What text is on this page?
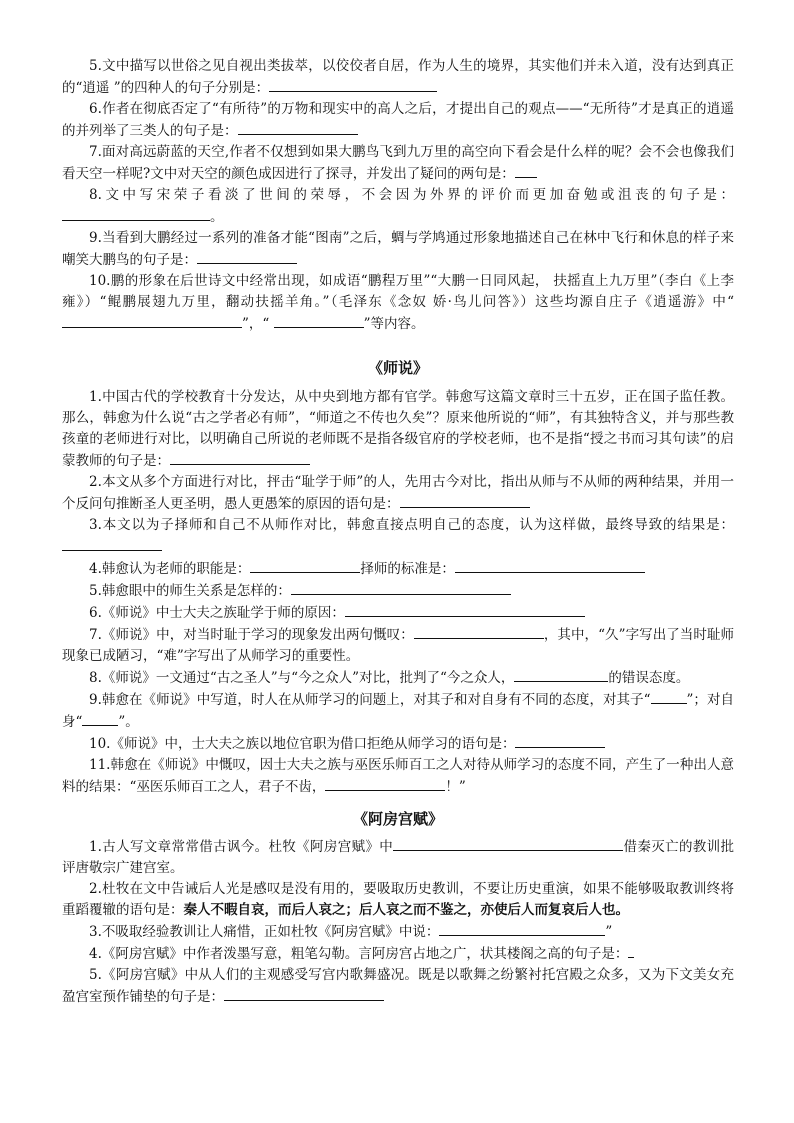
5.文中描写以世俗之见自视出类拔萃，以佼佼者自居，作为人生的境界，其实他们并未入道，没有达到真正的“逍遥 ”的四种人的句子分别是：

6.作者在彻底否定了“有所待”的万物和现实中的高人之后，才提出自己的观点——“无所待”才是真正的逍遥的并列举了三类人的句子是：

7.面对高远蔚蓝的天空,作者不仅想到如果大鹏鸟飞到九万里的高空向下看会是什么样的呢？会不会也像我们看天空一样呢?文中对天空的颜色成因进行了探寻，并发出了疑问的两句是：

8.文中写宋荣子看淡了世间的荣辱，不会因为外界的评价而更加奋勉或沮丧的句子是：。

9.当看到大鹏经过一系列的准备才能“图南”之后，蜩与学鸠通过形象地描述自己在林中飞行和休息的样子来嘲笑大鹏鸟的句子是：

10.鹏的形象在后世诗文中经常出现，如成语“鹏程万里”“大鹏一日同风起， 扶摇直上九万里”（李白《上李雍》）“鲲鹏展翅九万里，翻动扶摇羊角。”（毛泽东《念奴 娇·鸟儿问答》）这些均源自庄子《逍遥游》中“”，“	”等内容。

《师说》

1.中国古代的学校教育十分发达，从中央到地方都有官学。韩愈写这篇文章时三十五岁，正在国子监任教。那么，韩愈为什么说“古之学者必有师”，“师道之不传也久矣”？原来他所说的“师”，有其独特含义，并与那些教孩童的老师进行对比，以明确自己所说的老师既不是指各级官府的学校老师，也不是指“授之书而习其句读”的启蒙教师的句子是：

2.本文从多个方面进行对比，抨击“耻学于师”的人，先用古今对比，指出从师与不从师的两种结果，并用一个反问句推断圣人更圣明，愚人更愚笨的原因的语句是：

3.本文以为子择师和自己不从师作对比，韩愈直接点明自己的态度，认为这样做，最终导致的结果是：

4.韩愈认为老师的职能是：	择师的标准是：

5.韩愈眼中的师生关系是怎样的：

6.《师说》中士大夫之族耻学于师的原因：

7.《师说》中，对当时耻于学习的现象发出两句慨叹：	，其中，“久”字写出了当时耻师现象已成陋习，“难”字写出了从师学习的重要性。

8.《师说》一文通过“古之圣人”与“今之众人”对比，批判了“今之众人，	的错误态度。

9.韩愈在《师说》中写道，时人在从师学习的问题上，对其子和对自身有不同的态度，对其子“	”；对自身“	”。

10.《师说》中，士大夫之族以地位官职为借口拒绝从师学习的语句是：

11.韩愈在《师说》中慨叹，因士大夫之族与巫医乐师百工之人对待从师学习的态度不同，产生了一种出人意料的结果：“巫医乐师百工之人，君子不齿，	！”

《阿房宫赋》

1.古人写文章常常借古讽今。杜牧《阿房宫赋》中	借秦灭亡的教训批评唐敬宗广建宫室。

2.杜牧在文中告诫后人光是感叹是没有用的，要吸取历史教训，不要让历史重演，如果不能够吸取教训终将重蹈覆辙的语句是：秦人不暇自哀，而后人哀之；后人哀之而不鉴之，亦使后人而复哀后人也。

3.不吸取经验教训让人痛惜，正如杜牧《阿房宫赋》中说：	”

4.《阿房宫赋》中作者泼墨写意，粗笔勾勒。言阿房宫占地之广，状其楼阁之高的句子是：

5.《阿房宫赋》中从人们的主观感受写宫内歌舞盛况。既是以歌舞之纷繁衬托宫殿之众多，又为下文美女充盈宫室预作铺垫的句子是：
